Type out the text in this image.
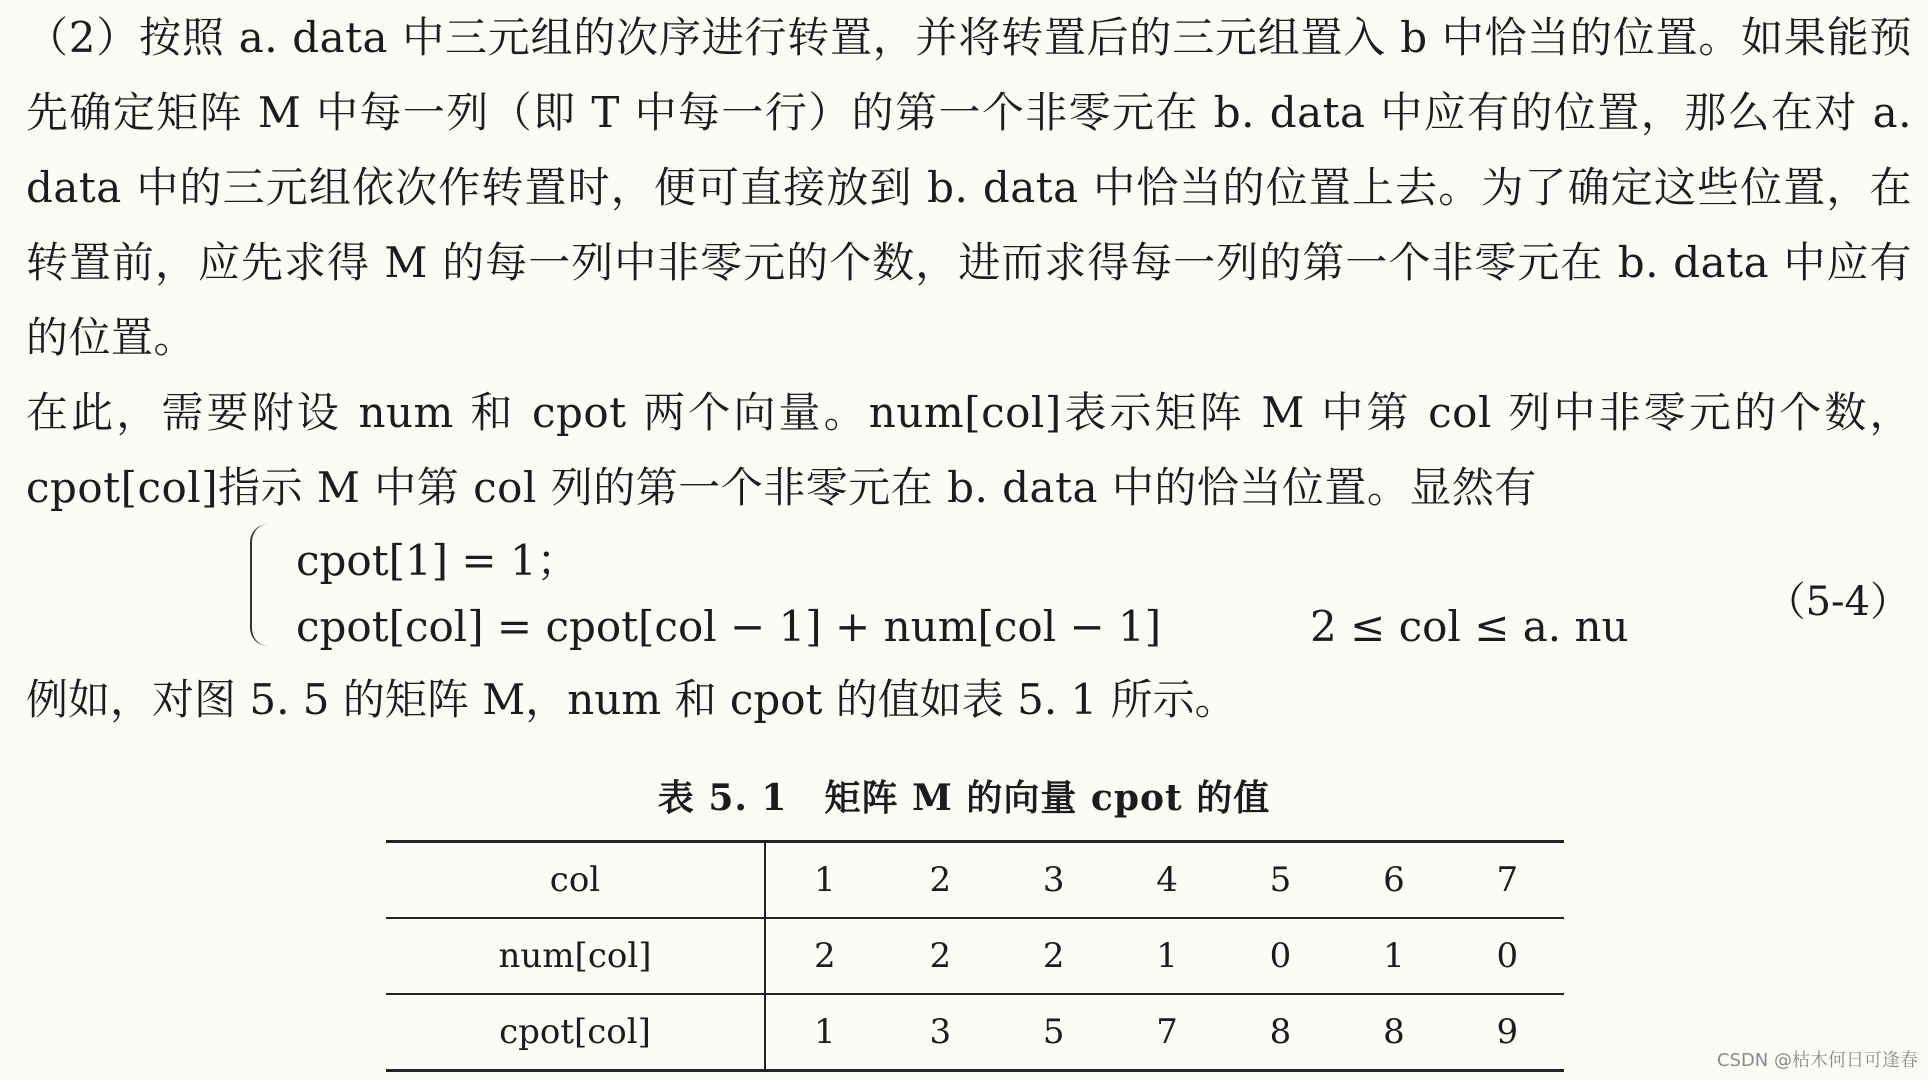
（2）按照 a. data 中三元组的次序进行转置，并将转置后的三元组置入 b 中恰当的位置。如果能预先确定矩阵 M 中每一列（即 T 中每一行）的第一个非零元在 b. data 中应有的位置，那么在对 a. data 中的三元组依次作转置时，便可直接放到 b. data 中恰当的位置上去。为了确定这些位置，在转置前，应先求得 M 的每一列中非零元的个数，进而求得每一列的第一个非零元在 b. data 中应有的位置。

在此，需要附设 num 和 cpot 两个向量。num[col]表示矩阵 M 中第 col 列中非零元的个数，cpot[col]指示 M 中第 col 列的第一个非零元在 b. data 中的恰当位置。显然有

cpot[1] = 1；
cpot[col] = cpot[col − 1] + num[col − 1]	2 ≤ col ≤ a. nu	（5-4）
例如，对图 5. 5 的矩阵 M，num 和 cpot 的值如表 5. 1 所示。
表 5. 1　矩阵 M 的向量 cpot 的值
col	1	2	3	4	5	6	7
num[col]	2	2	2	1	0	1	0
cpot[col]	1	3	5	7	8	8	9
CSDN @枯木何日可逢春
